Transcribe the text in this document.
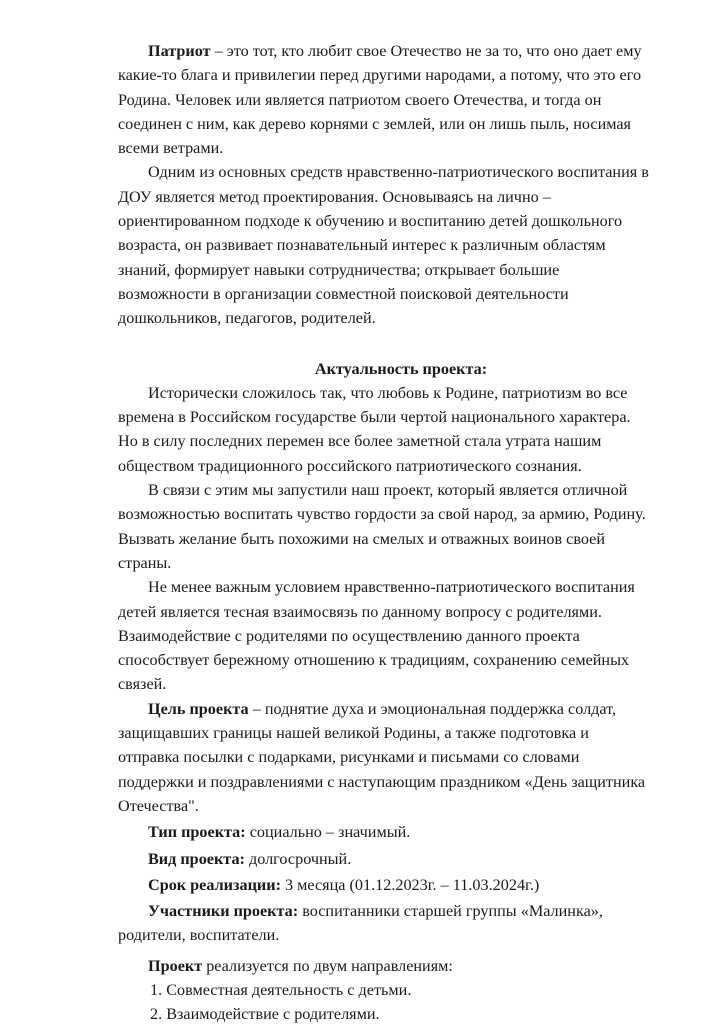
Патриот – это тот, кто любит свое Отечество не за то, что оно дает ему какие-то блага и привилегии перед другими народами, а потому, что это его Родина. Человек или является патриотом своего Отечества, и тогда он соединен с ним, как дерево корнями с землей, или он лишь пыль, носимая всеми ветрами.

Одним из основных средств нравственно-патриотического воспитания в ДОУ является метод проектирования. Основываясь на лично – ориентированном подходе к обучению и воспитанию детей дошкольного возраста, он развивает познавательный интерес к различным областям знаний, формирует навыки сотрудничества; открывает большие возможности в организации совместной поисковой деятельности дошкольников, педагогов, родителей.

Актуальность проекта:

Исторически сложилось так, что любовь к Родине, патриотизм во все времена в Российском государстве были чертой национального характера. Но в силу последних перемен все более заметной стала утрата нашим обществом традиционного российского патриотического сознания.

В связи с этим мы запустили наш проект, который является отличной возможностью воспитать чувство гордости за свой народ, за армию, Родину. Вызвать желание быть похожими на смелых и отважных воинов своей страны.

Не менее важным условием нравственно-патриотического воспитания детей является тесная взаимосвязь по данному вопросу с родителями. Взаимодействие с родителями по осуществлению данного проекта способствует бережному отношению к традициям, сохранению семейных связей.

Цель проекта – поднятие духа и эмоциональная поддержка солдат, защищавших границы нашей великой Родины, а также подготовка и отправка посылки с подарками, рисунками и письмами со словами поддержки и поздравлениями с наступающим праздником «День защитника Отечества".

Тип проекта: социально – значимый.

Вид проекта: долгосрочный.

Срок реализации: 3 месяца (01.12.2023г. – 11.03.2024г.)

Участники проекта: воспитанники старшей группы «Малинка», родители, воспитатели.

Проект реализуется по двум направлениям:

1. Совместная деятельность с детьми.
2. Взаимодействие с родителями.
